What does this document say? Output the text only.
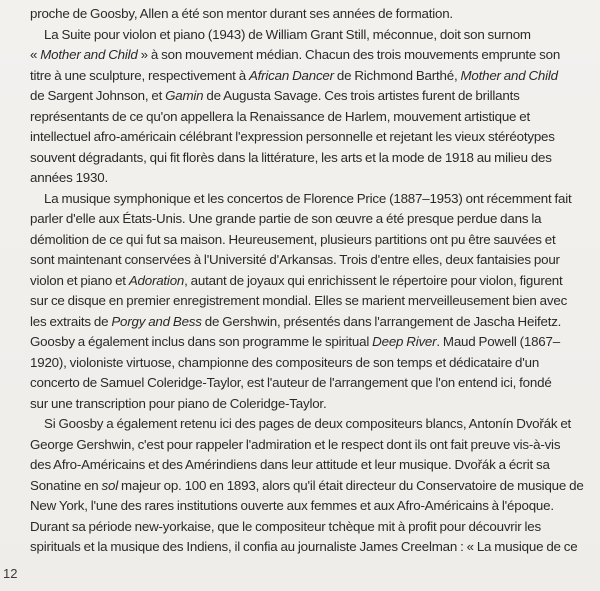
proche de Goosby, Allen a été son mentor durant ses années de formation.

La Suite pour violon et piano (1943) de William Grant Still, méconnue, doit son surnom
« Mother and Child » à son mouvement médian. Chacun des trois mouvements emprunte son
titre à une sculpture, respectivement à African Dancer de Richmond Barthé, Mother and Child
de Sargent Johnson, et Gamin de Augusta Savage. Ces trois artistes furent de brillants
représentants de ce qu'on appellera la Renaissance de Harlem, mouvement artistique et
intellectuel afro-américain célébrant l'expression personnelle et rejetant les vieux stéréotypes
souvent dégradants, qui fit florès dans la littérature, les arts et la mode de 1918 au milieu des
années 1930.

La musique symphonique et les concertos de Florence Price (1887–1953) ont récemment fait
parler d'elle aux États-Unis. Une grande partie de son œuvre a été presque perdue dans la
démolition de ce qui fut sa maison. Heureusement, plusieurs partitions ont pu être sauvées et
sont maintenant conservées à l'Université d'Arkansas. Trois d'entre elles, deux fantaisies pour
violon et piano et Adoration, autant de joyaux qui enrichissent le répertoire pour violon, figurent
sur ce disque en premier enregistrement mondial. Elles se marient merveilleusement bien avec
les extraits de Porgy and Bess de Gershwin, présentés dans l'arrangement de Jascha Heifetz.
Goosby a également inclus dans son programme le spiritual Deep River. Maud Powell (1867–
1920), violoniste virtuose, championne des compositeurs de son temps et dédicataire d'un
concerto de Samuel Coleridge-Taylor, est l'auteur de l'arrangement que l'on entend ici, fondé
sur une transcription pour piano de Coleridge-Taylor.

Si Goosby a également retenu ici des pages de deux compositeurs blancs, Antonín Dvořák et
George Gershwin, c'est pour rappeler l'admiration et le respect dont ils ont fait preuve vis-à-vis
des Afro-Américains et des Amérindiens dans leur attitude et leur musique. Dvořák a écrit sa
Sonatine en sol majeur op. 100 en 1893, alors qu'il était directeur du Conservatoire de musique de
New York, l'une des rares institutions ouverte aux femmes et aux Afro-Américains à l'époque.
Durant sa période new-yorkaise, que le compositeur tchèque mit à profit pour découvrir les
spirituals et la musique des Indiens, il confia au journaliste James Creelman : « La musique de ce

12
